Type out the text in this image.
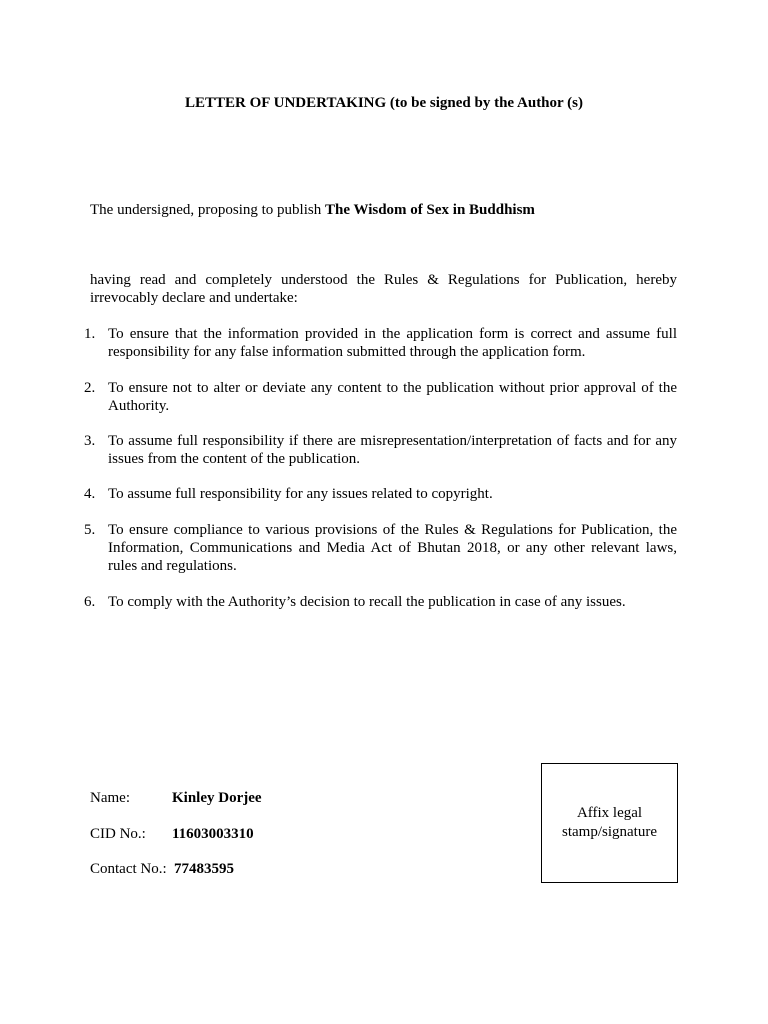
LETTER OF UNDERTAKING (to be signed by the Author (s)
The undersigned, proposing to publish The Wisdom of Sex in Buddhism
having read and completely understood the Rules & Regulations for Publication, hereby irrevocably declare and undertake:
1. To ensure that the information provided in the application form is correct and assume full responsibility for any false information submitted through the application form.
2. To ensure not to alter or deviate any content to the publication without prior approval of the Authority.
3. To assume full responsibility if there are misrepresentation/interpretation of facts and for any issues from the content of the publication.
4. To assume full responsibility for any issues related to copyright.
5. To ensure compliance to various provisions of the Rules & Regulations for Publication, the Information, Communications and Media Act of Bhutan 2018, or any other relevant laws, rules and regulations.
6. To comply with the Authority’s decision to recall the publication in case of any issues.
Name:	Kinley Dorjee
CID No.: 11603003310
Contact No.: 77483595
Affix legal stamp/signature
